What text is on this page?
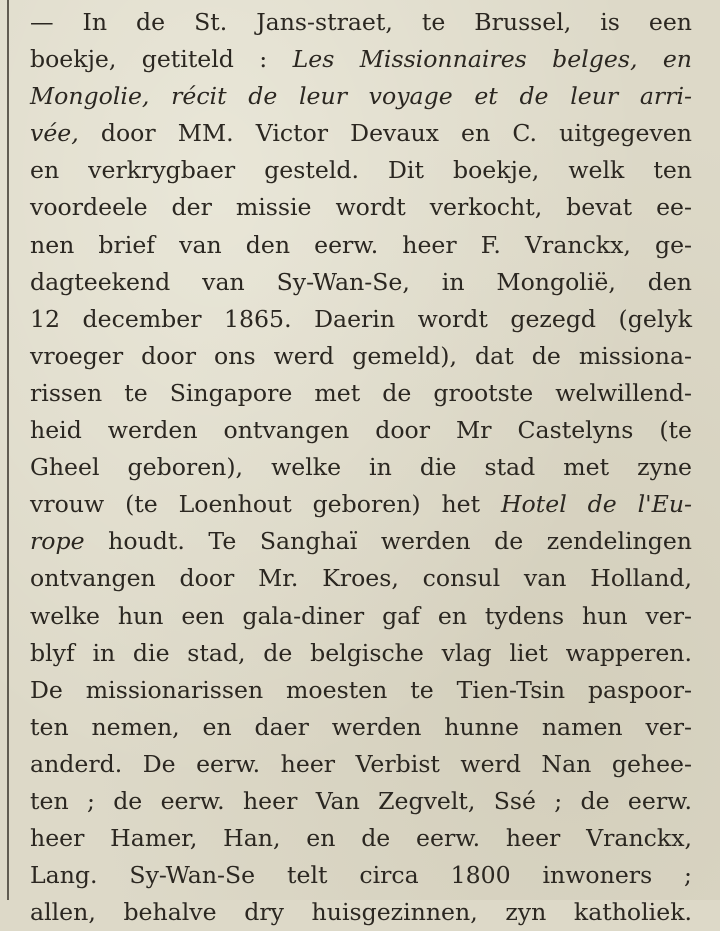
— In de St. Jans-straet, te Brussel, is een
boekje, getiteld : Les Missionnaires belges, en
Mongolie, récit de leur voyage et de leur arri-
vée, door MM. Victor Devaux en C. uitgegeven
en verkrygbaer gesteld. Dit boekje, welk ten
voordeele der missie wordt verkocht, bevat ee-
nen brief van den eerw. heer F. Vranckx, ge-
dagteekend van Sy-Wan-Se, in Mongolië, den
12 december 1865. Daerin wordt gezegd (gelyk
vroeger door ons werd gemeld), dat de missiona-
rissen te Singapore met de grootste welwillend-
heid werden ontvangen door Mr Castelyns (te
Gheel geboren), welke in die stad met zyne
vrouw (te Loenhout geboren) het Hotel de l'Eu-
rope houdt. Te Sanghaï werden de zendelingen
ontvangen door Mr. Kroes, consul van Holland,
welke hun een gala-diner gaf en tydens hun ver-
blyf in die stad, de belgische vlag liet wapperen.
De missionarissen moesten te Tien-Tsin paspoor-
ten nemen, en daer werden hunne namen ver-
anderd. De eerw. heer Verbist werd Nan gehee-
ten ; de eerw. heer Van Zegvelt, Ssé ; de eerw.
heer Hamer, Han, en de eerw. heer Vranckx,
Lang. Sy-Wan-Se telt circa 1800 inwoners ;
allen, behalve dry huisgezinnen, zyn katholiek.
